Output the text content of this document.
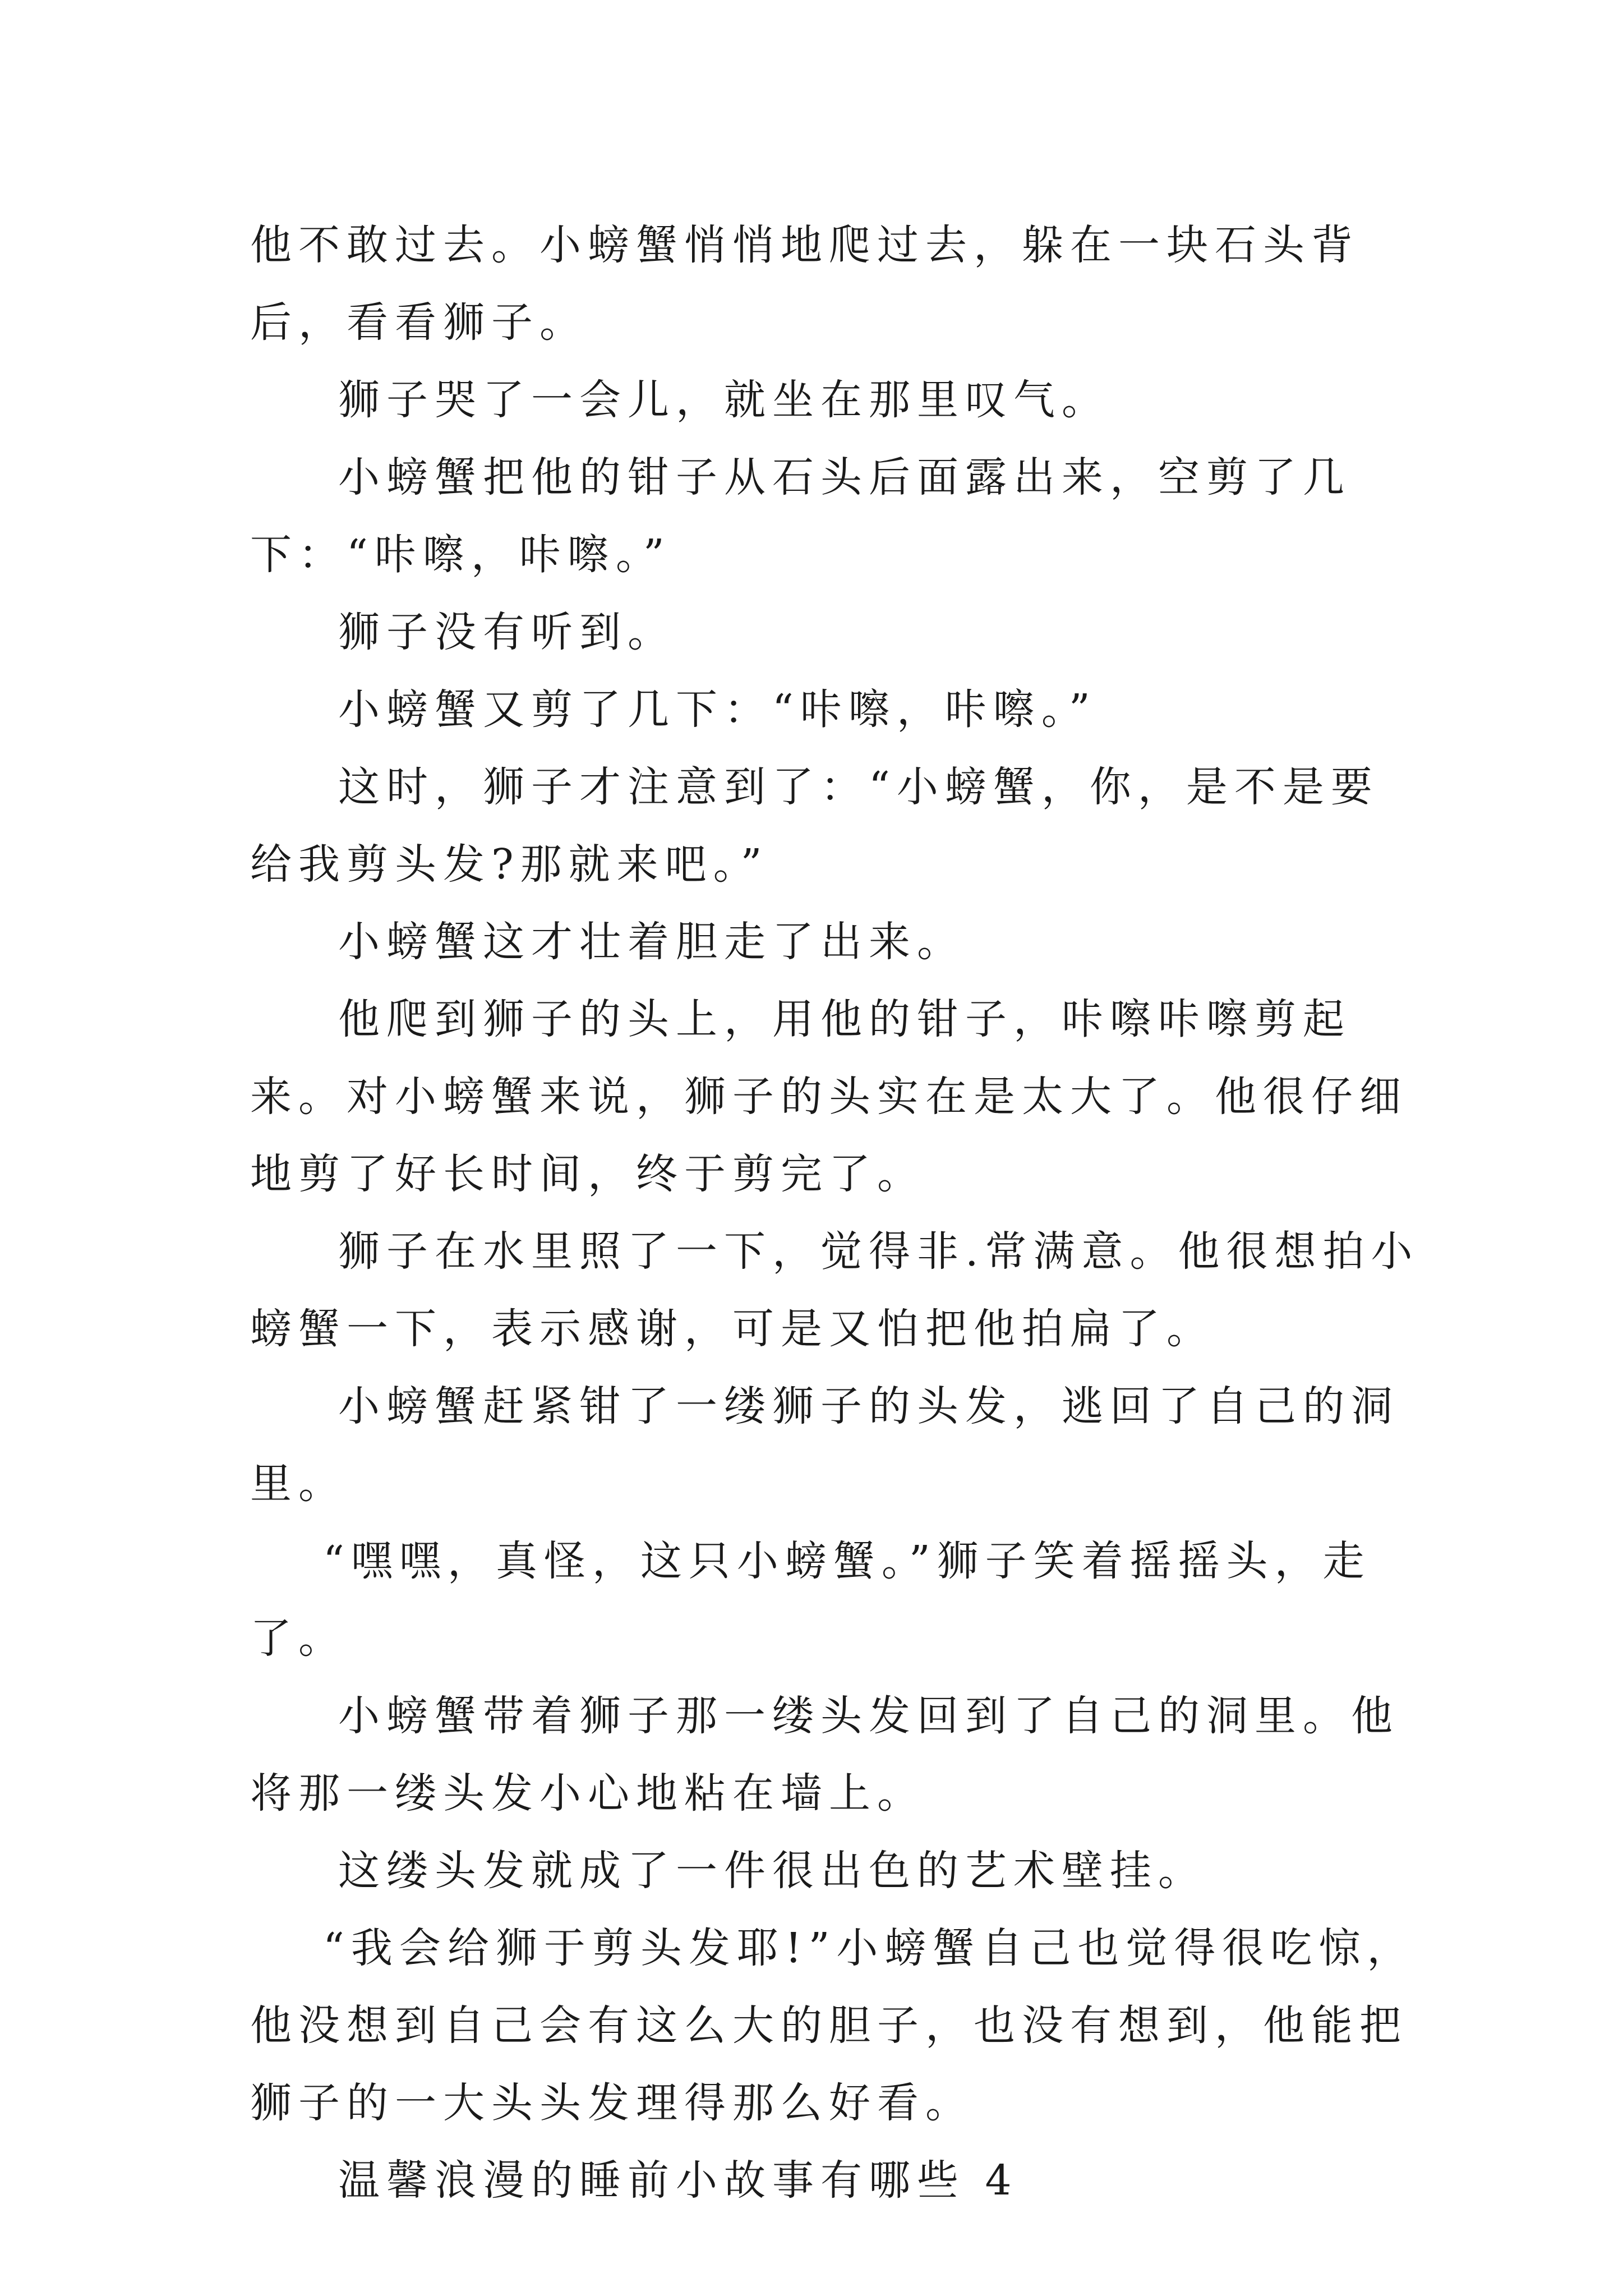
他不敢过去。小螃蟹悄悄地爬过去，躲在一块石头背后，看看狮子。

狮子哭了一会儿，就坐在那里叹气。

小螃蟹把他的钳子从石头后面露出来，空剪了几下：“咔嚓，咔嚓。”

狮子没有听到。

小螃蟹又剪了几下：“咔嚓，咔嚓。”

这时，狮子才注意到了：“小螃蟹，你，是不是要给我剪头发?那就来吧。”

小螃蟹这才壮着胆走了出来。

他爬到狮子的头上，用他的钳子，咔嚓咔嚓剪起来。对小螃蟹来说，狮子的头实在是太大了。他很仔细地剪了好长时间，终于剪完了。

狮子在水里照了一下，觉得非.常满意。他很想拍小螃蟹一下，表示感谢，可是又怕把他拍扁了。

小螃蟹赶紧钳了一缕狮子的头发，逃回了自己的洞里。

“嘿嘿，真怪，这只小螃蟹。”狮子笑着摇摇头，走了。

小螃蟹带着狮子那一缕头发回到了自己的洞里。他将那一缕头发小心地粘在墙上。

这缕头发就成了一件很出色的艺术壁挂。

“我会给狮于剪头发耶!”小螃蟹自己也觉得很吃惊，他没想到自己会有这么大的胆子，也没有想到，他能把狮子的一大头头发理得那么好看。

温馨浪漫的睡前小故事有哪些 4
